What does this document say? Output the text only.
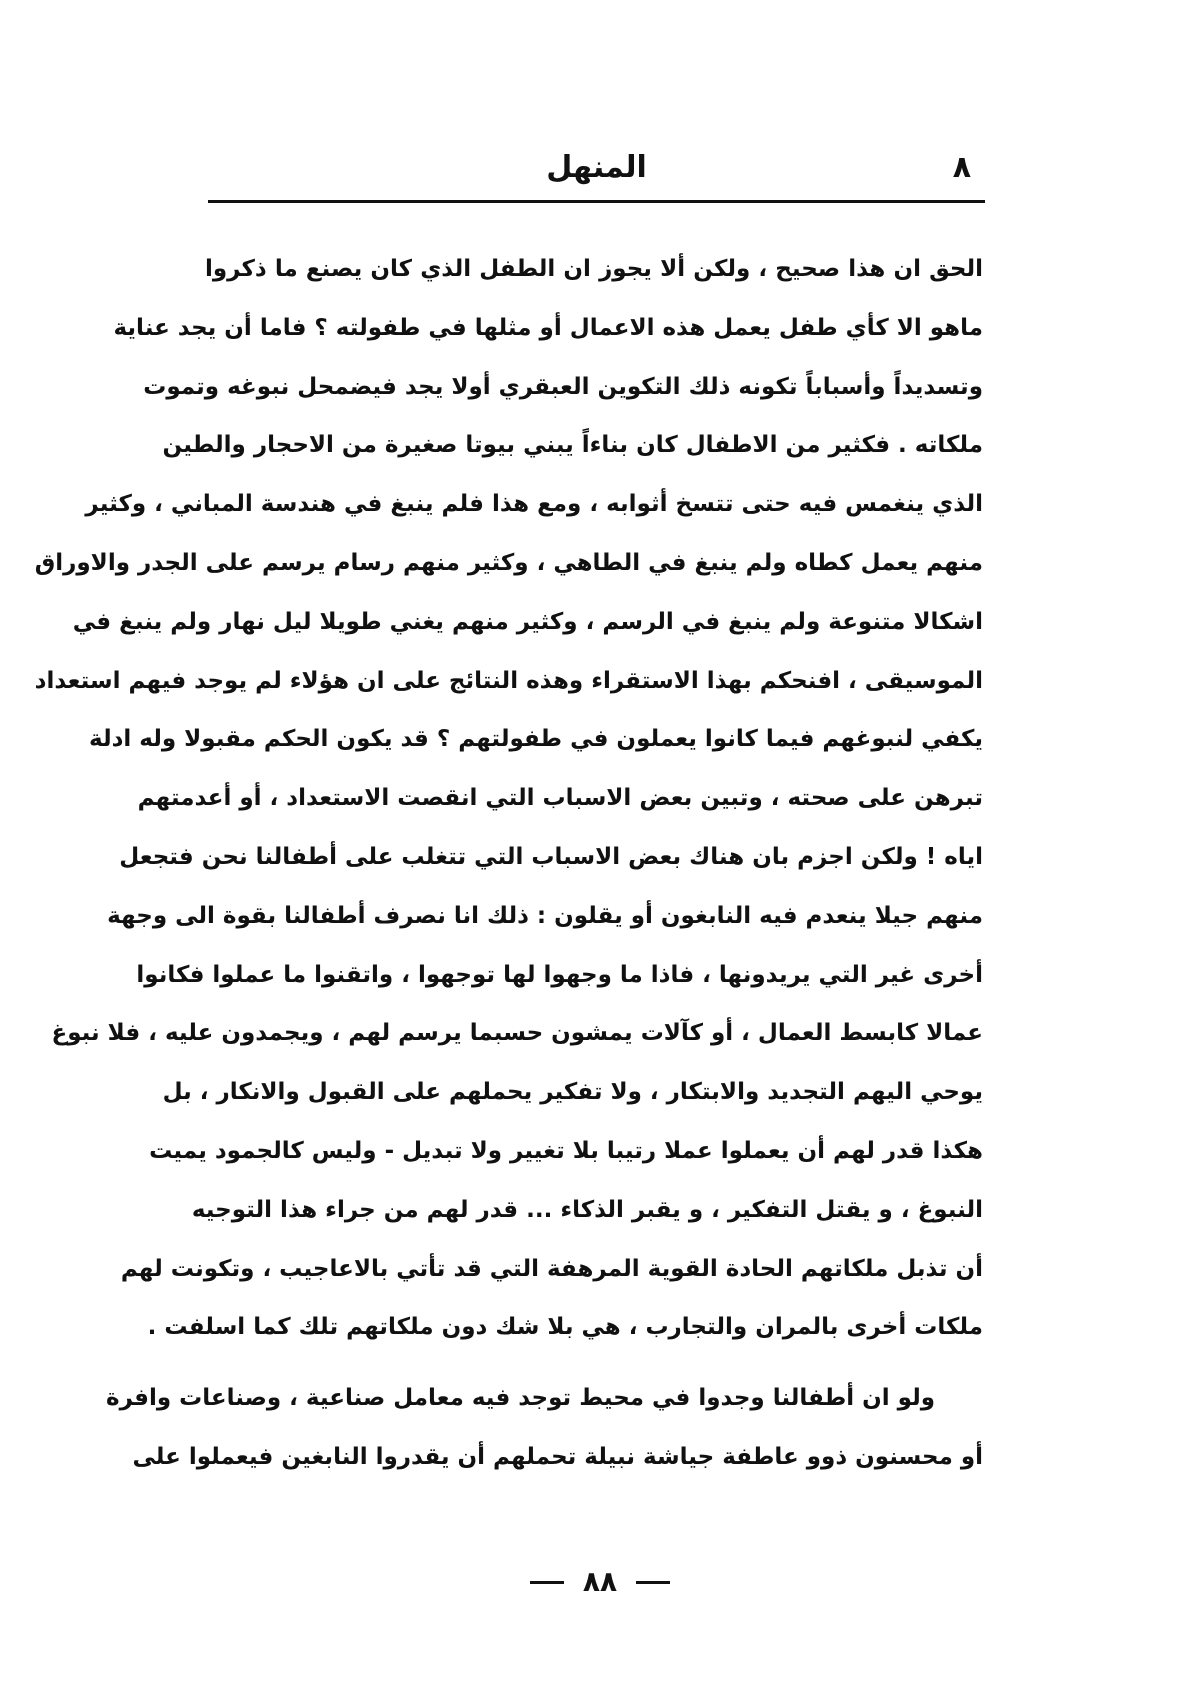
٨
المنهل
الحق ان هذا صحيح ، ولكن ألا يجوز ان الطفل الذي كان يصنع ما ذكروا
ماهو الا كأي طفل يعمل هذه الاعمال أو مثلها في طفولته ؟ فاما أن يجد عناية
وتسديداً وأسباباً تكونه ذلك التكوين العبقري أولا يجد فيضمحل نبوغه وتموت
ملكاته . فكثير من الاطفال كان بناءاً يبني بيوتا صغيرة من الاحجار والطين
الذي ينغمس فيه حتى تتسخ أثوابه ، ومع هذا فلم ينبغ في هندسة المباني ، وكثير
منهم يعمل كطاه ولم ينبغ في الطاهي ، وكثير منهم رسام يرسم على الجدر والاوراق
اشكالا متنوعة ولم ينبغ في الرسم ، وكثير منهم يغني طويلا ليل نهار ولم ينبغ في
الموسيقى ، افنحكم بهذا الاستقراء وهذه النتائج على ان هؤلاء لم يوجد فيهم استعداد
يكفي لنبوغهم فيما كانوا يعملون في طفولتهم ؟ قد يكون الحكم مقبولا وله ادلة
تبرهن على صحته ، وتبين بعض الاسباب التي انقصت الاستعداد ، أو أعدمتهم
اياه ! ولكن اجزم بان هناك بعض الاسباب التي تتغلب على أطفالنا نحن فتجعل
منهم جيلا ينعدم فيه النابغون أو يقلون : ذلك انا نصرف أطفالنا بقوة الى وجهة
أخرى غير التي يريدونها ، فاذا ما وجهوا لها توجهوا ، واتقنوا ما عملوا فكانوا
عمالا كابسط العمال ، أو كآلات يمشون حسبما يرسم لهم ، ويجمدون عليه ، فلا نبوغ
يوحي اليهم التجديد والابتكار ، ولا تفكير يحملهم على القبول والانكار ، بل
هكذا قدر لهم أن يعملوا عملا رتيبا بلا تغيير ولا تبديل - وليس كالجمود يميت
النبوغ ، و يقتل التفكير ، و يقبر الذكاء ... قدر لهم من جراء هذا التوجيه
أن تذبل ملكاتهم الحادة القوية المرهفة التي قد تأتي بالاعاجيب ، وتكونت لهم
ملكات أخرى بالمران والتجارب ، هي بلا شك دون ملكاتهم تلك كما اسلفت .
ولو ان أطفالنا وجدوا في محيط توجد فيه معامل صناعية ، وصناعات وافرة
أو محسنون ذوو عاطفة جياشة نبيلة تحملهم أن يقدروا النابغين فيعملوا على
٨٨
